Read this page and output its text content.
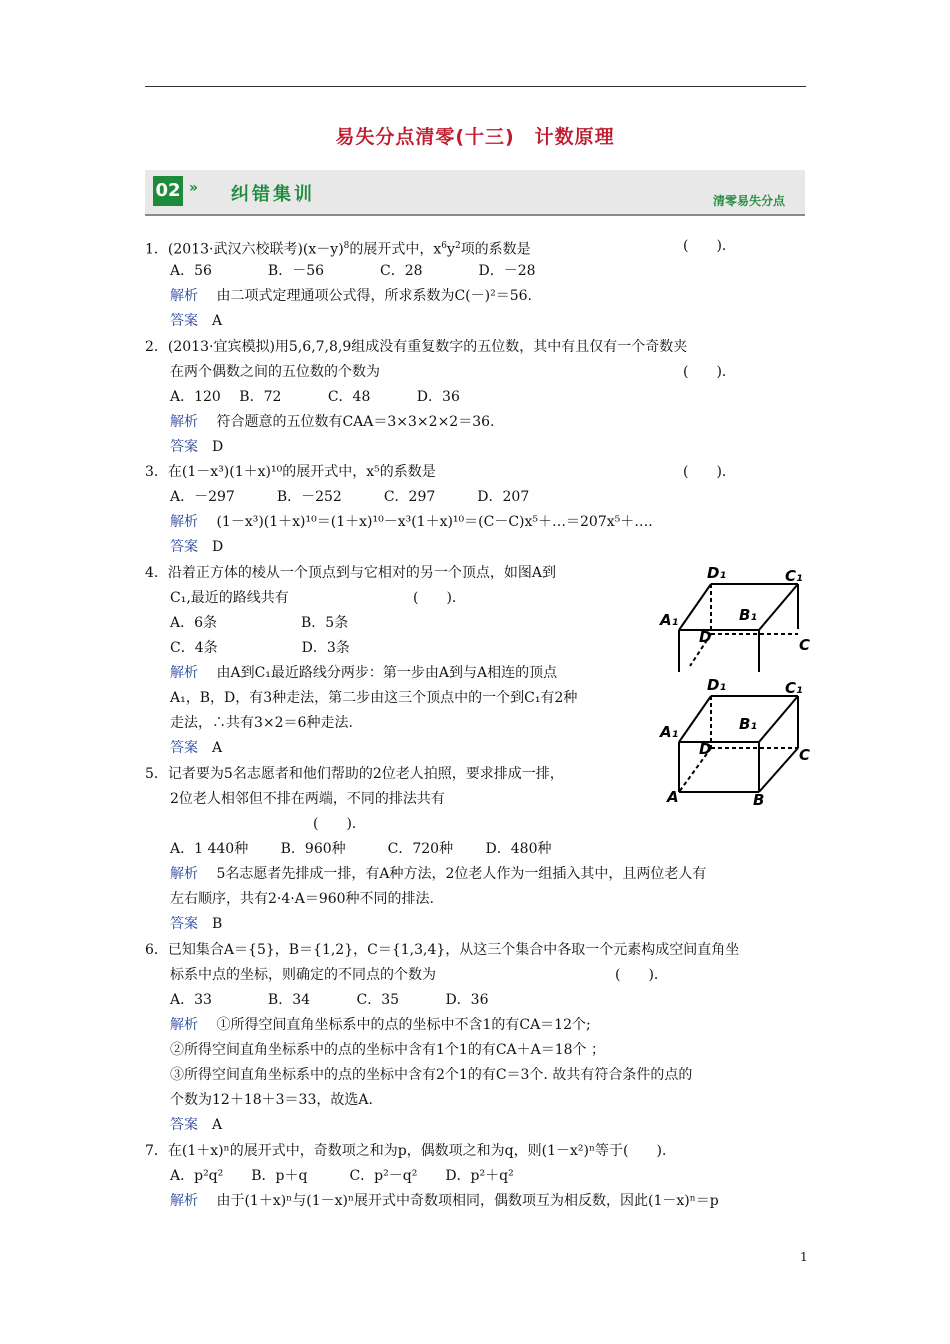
易失分点清零(十三)　计数原理
02 » 纠错集训	清零易失分点
1．(2013·武汉六校联考)$(x-y)^8$的展开式中，$x^6y^2$项的系数是	(　　)．
A．56　　　　B．－56　　　　C．28　　　　D．－28
解析　 由二项式定理通项公式得，所求系数为C(－)²＝56.
答案　 A
2．(2013·宜宾模拟)用5,6,7,8,9组成没有重复数字的五位数，其中有且仅有一个奇数夹
在两个偶数之间的五位数的个数为	(　　)．
A．120　 B．72　　　 C．48　　　 D．36
解析　 符合题意的五位数有CAA＝3×3×2×2＝36.
答案　 D
3．在(1－x³)(1＋x)¹⁰的展开式中，x⁵的系数是	(　　)．
A．－297　　　B．－252　　　C．297　　　D．207
解析　 (1－x³)(1＋x)¹⁰＝(1＋x)¹⁰－x³(1＋x)¹⁰＝(C－C)x⁵＋…＝207x⁵＋….
答案　 D
4．沿着正方体的棱从一个顶点到与它相对的另一个顶点，如图A到
C₁,最近的路线共有	(　　)．
A．6条　　　　　　B．5条
C．4条　　　　　　D．3条
解析　 由A到C₁最近路线分两步：第一步由A到与A相连的顶点
A₁，B，D，有3种走法，第二步由这三个顶点中的一个到C₁有2种
走法，∴共有3×2＝6种走法.
答案　 A
D₁	C₁
B₁
A₁
D	C
D₁	C₁
B₁
A₁
D	C
A	B
5．记者要为5名志愿者和他们帮助的2位老人拍照，要求排成一排，
2位老人相邻但不排在两端，不同的排法共有
(　　)．
A．1 440种　　 B．960种　　　C．720种　　 D．480种
解析　 5名志愿者先排成一排，有A种方法，2位老人作为一组插入其中，且两位老人有
左右顺序，共有2·4·A＝960种不同的排法.
答案　 B
6．已知集合A＝{5}，B＝{1,2}，C＝{1,3,4}，从这三个集合中各取一个元素构成空间直角坐
标系中点的坐标，则确定的不同点的个数为	(　　)．
A．33　　　　B．34　　　 C．35　　　 D．36
解析　 ①所得空间直角坐标系中的点的坐标中不含1的有CA＝12个;
②所得空间直角坐标系中的点的坐标中含有1个1的有CA＋A＝18个 ；
③所得空间直角坐标系中的点的坐标中含有2个1的有C＝3个. 故共有符合条件的点的
个数为12＋18＋3＝33，故选A.
答案　 A
7．在(1＋x)ⁿ的展开式中，奇数项之和为p，偶数项之和为q，则(1－x²)ⁿ等于(　　)．
A．p²q²　　B．p＋q　　　C．p²－q²　　D．p²＋q²
解析　 由于(1＋x)ⁿ与(1－x)ⁿ展开式中奇数项相同，偶数项互为相反数，因此(1－x)ⁿ＝p
1
